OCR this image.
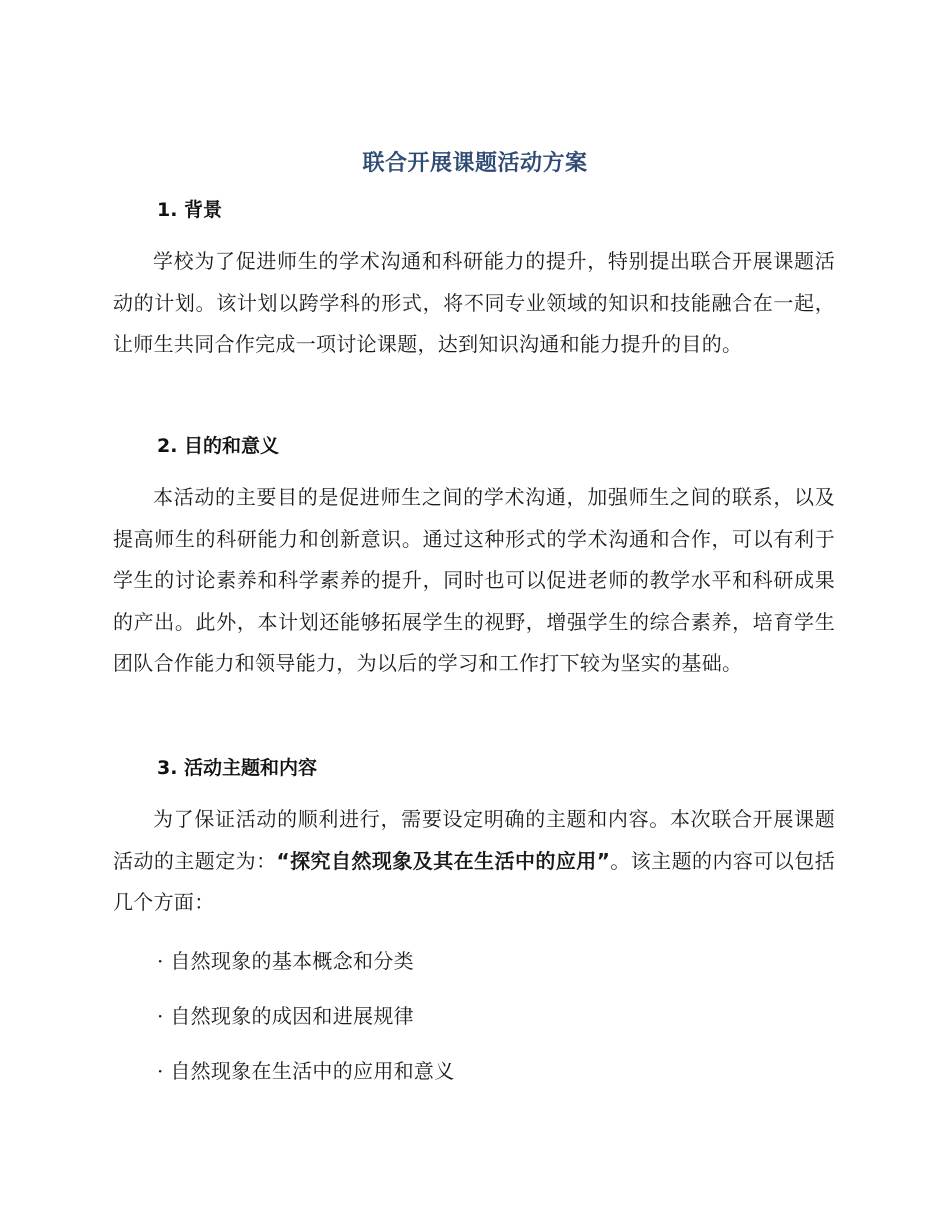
联合开展课题活动方案
1. 背景
学校为了促进师生的学术沟通和科研能力的提升，特别提出联合开展课题活动的计划。该计划以跨学科的形式，将不同专业领域的知识和技能融合在一起，让师生共同合作完成一项讨论课题，达到知识沟通和能力提升的目的。
2. 目的和意义
本活动的主要目的是促进师生之间的学术沟通，加强师生之间的联系，以及提高师生的科研能力和创新意识。通过这种形式的学术沟通和合作，可以有利于学生的讨论素养和科学素养的提升，同时也可以促进老师的教学水平和科研成果的产出。此外，本计划还能够拓展学生的视野，增强学生的综合素养，培育学生团队合作能力和领导能力，为以后的学习和工作打下较为坚实的基础。
3. 活动主题和内容
为了保证活动的顺利进行，需要设定明确的主题和内容。本次联合开展课题活动的主题定为：“探究自然现象及其在生活中的应用”。该主题的内容可以包括几个方面：
· 自然现象的基本概念和分类
· 自然现象的成因和进展规律
· 自然现象在生活中的应用和意义
